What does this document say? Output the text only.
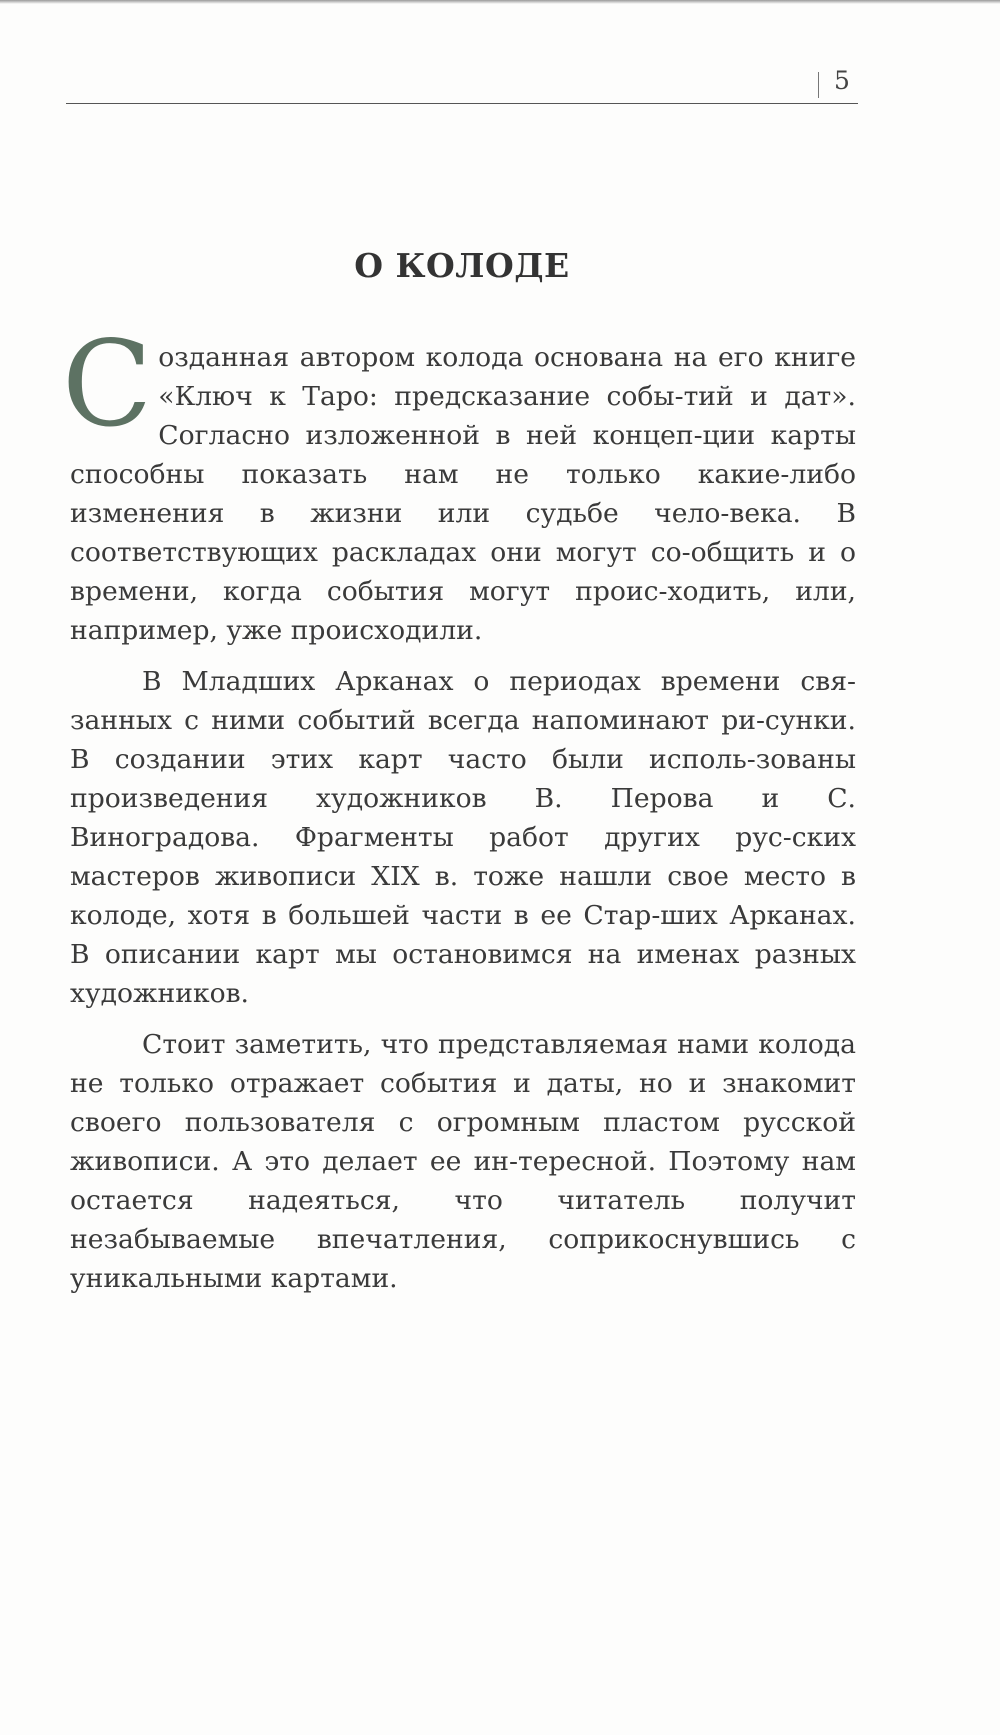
5
О КОЛОДЕ

Созданная автором колода основана на его книге «Ключ к Таро: предсказание собы-тий и дат». Согласно изложенной в ней концеп-ции карты способны показать нам не только какие-либо изменения в жизни или судьбе чело-века. В соответствующих раскладах они могут со-общить и о времени, когда события могут проис-ходить, или, например, уже происходили.

В Младших Арканах о периодах времени свя-занных с ними событий всегда напоминают ри-сунки. В создании этих карт часто были исполь-зованы произведения художников В. Перова и С. Виноградова. Фрагменты работ других рус-ских мастеров живописи XIX в. тоже нашли свое место в колоде, хотя в большей части в ее Стар-ших Арканах. В описании карт мы остановимся на именах разных художников.

Стоит заметить, что представляемая нами колода не только отражает события и даты, но и знакомит своего пользователя с огромным пластом русской живописи. А это делает ее ин-тересной. Поэтому нам остается надеяться, что читатель получит незабываемые впечатления, соприкоснувшись с уникальными картами.
